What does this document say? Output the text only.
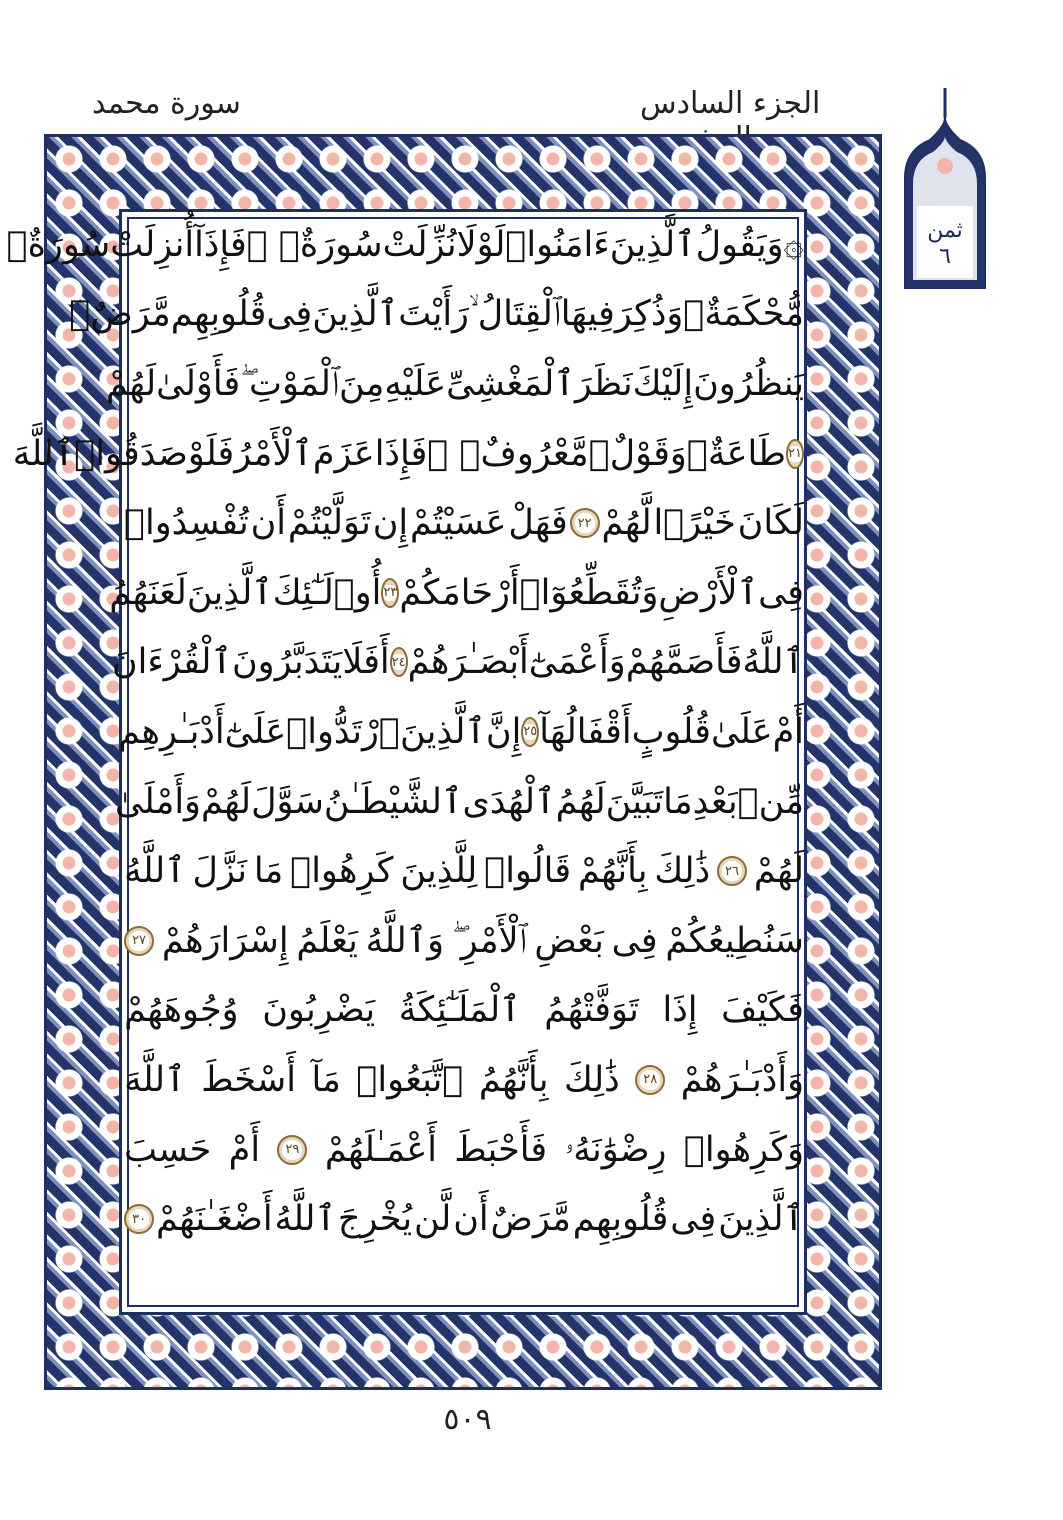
الجزء السادس
سورة محمد
ثمن
٦
۞
وَيَقُولُ
ٱلَّذِينَ
ءَامَنُوا۟
لَوْلَا
نُزِّلَتْ
سُورَةٌۭ ۖ
فَإِذَآ
أُنزِلَتْ
سُورَةٌۭ
مُّحْكَمَةٌۭ
وَذُكِرَ
فِيهَا
ٱلْقِتَالُ ۙ
رَأَيْتَ
ٱلَّذِينَ
فِى
قُلُوبِهِم
مَّرَضٌۭ
يَنظُرُونَ
إِلَيْكَ
نَظَرَ
ٱلْمَغْشِىِّ
عَلَيْهِ
مِنَ
ٱلْمَوْتِ ۖ
فَأَوْلَىٰ
لَهُمْ
٢١
طَاعَةٌۭ
وَقَوْلٌۭ
مَّعْرُوفٌۭ ۚ
فَإِذَا
عَزَمَ
ٱلْأَمْرُ
فَلَوْ
صَدَقُوا۟
ٱللَّهَ
لَكَانَ
خَيْرًۭا
لَّهُمْ
٢٢
فَهَلْ
عَسَيْتُمْ
إِن
تَوَلَّيْتُمْ
أَن
تُفْسِدُوا۟
فِى
ٱلْأَرْضِ
وَتُقَطِّعُوٓا۟
أَرْحَامَكُمْ
٢٣
أُو۟لَـٰٓئِكَ
ٱلَّذِينَ
لَعَنَهُمُ
ٱللَّهُ
فَأَصَمَّهُمْ
وَأَعْمَىٰٓ
أَبْصَـٰرَهُمْ
٢٤
أَفَلَا
يَتَدَبَّرُونَ
ٱلْقُرْءَانَ
أَمْ
عَلَىٰ
قُلُوبٍ
أَقْفَالُهَآ
٢٥
إِنَّ
ٱلَّذِينَ
ٱرْتَدُّوا۟
عَلَىٰٓ
أَدْبَـٰرِهِم
مِّنۢ
بَعْدِ
مَا
تَبَيَّنَ
لَهُمُ
ٱلْهُدَى
ٱلشَّيْطَـٰنُ
سَوَّلَ
لَهُمْ
وَأَمْلَىٰ
لَهُمْ
٢٦
ذَٰلِكَ
بِأَنَّهُمْ
قَالُوا۟
لِلَّذِينَ
كَرِهُوا۟
مَا
نَزَّلَ
ٱللَّهُ
سَنُطِيعُكُمْ
فِى
بَعْضِ
ٱلْأَمْرِ ۖ
وَٱللَّهُ
يَعْلَمُ
إِسْرَارَهُمْ
٢٧
فَكَيْفَ
إِذَا
تَوَفَّتْهُمُ
ٱلْمَلَـٰٓئِكَةُ
يَضْرِبُونَ
وُجُوهَهُمْ
وَأَدْبَـٰرَهُمْ
٢٨
ذَٰلِكَ
بِأَنَّهُمُ
ٱتَّبَعُوا۟
مَآ
أَسْخَطَ
ٱللَّهَ
وَكَرِهُوا۟
رِضْوَٰنَهُۥ
فَأَحْبَطَ
أَعْمَـٰلَهُمْ
٢٩
أَمْ
حَسِبَ
ٱلَّذِينَ
فِى
قُلُوبِهِم
مَّرَضٌ
أَن
لَّن
يُخْرِجَ
ٱللَّهُ
أَضْغَـٰنَهُمْ
٣٠
٥٠٩
